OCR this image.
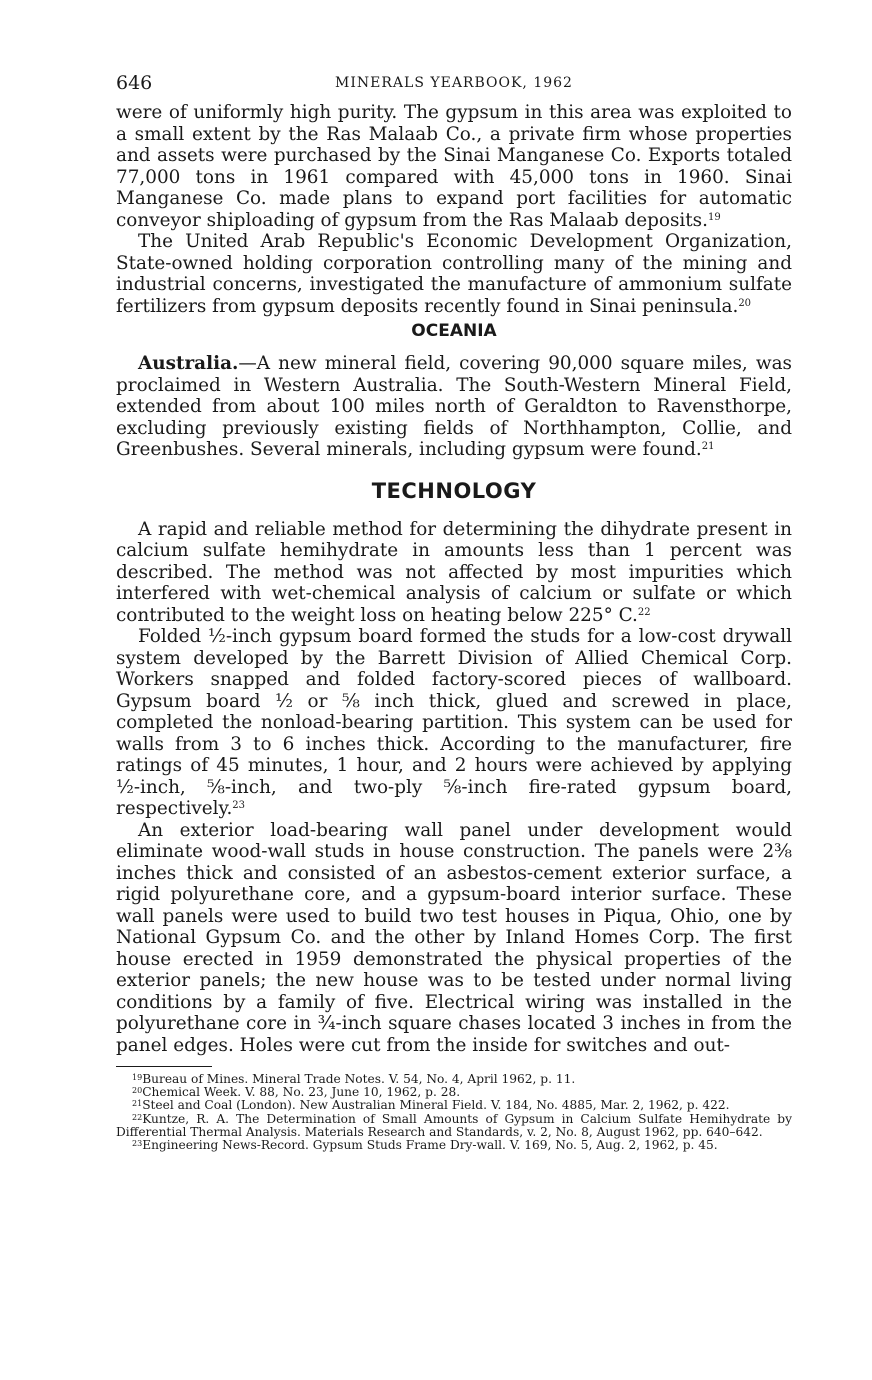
646	MINERALS YEARBOOK, 1962

were of uniformly high purity. The gypsum in this area was exploited to a small extent by the Ras Malaab Co., a private firm whose properties and assets were purchased by the Sinai Manganese Co. Exports totaled 77,000 tons in 1961 compared with 45,000 tons in 1960. Sinai Manganese Co. made plans to expand port facilities for automatic conveyor shiploading of gypsum from the Ras Malaab deposits.$^{19}$

The United Arab Republic's Economic Development Organization, State-owned holding corporation controlling many of the mining and industrial concerns, investigated the manufacture of ammonium sulfate fertilizers from gypsum deposits recently found in Sinai peninsula.$^{20}$

OCEANIA

Australia.—A new mineral field, covering 90,000 square miles, was proclaimed in Western Australia. The South-Western Mineral Field, extended from about 100 miles north of Geraldton to Ravensthorpe, excluding previously existing fields of Northhampton, Collie, and Greenbushes. Several minerals, including gypsum were found.$^{21}$

TECHNOLOGY

A rapid and reliable method for determining the dihydrate present in calcium sulfate hemihydrate in amounts less than 1 percent was described. The method was not affected by most impurities which interfered with wet-chemical analysis of calcium or sulfate or which contributed to the weight loss on heating below 225° C.$^{22}$

Folded ½-inch gypsum board formed the studs for a low-cost drywall system developed by the Barrett Division of Allied Chemical Corp. Workers snapped and folded factory-scored pieces of wallboard. Gypsum board ½ or ⅝ inch thick, glued and screwed in place, completed the nonload-bearing partition. This system can be used for walls from 3 to 6 inches thick. According to the manufacturer, fire ratings of 45 minutes, 1 hour, and 2 hours were achieved by applying ½-inch, ⅝-inch, and two-ply ⅝-inch fire-rated gypsum board, respectively.$^{23}$

An exterior load-bearing wall panel under development would eliminate wood-wall studs in house construction. The panels were 2⅜ inches thick and consisted of an asbestos-cement exterior surface, a rigid polyurethane core, and a gypsum-board interior surface. These wall panels were used to build two test houses in Piqua, Ohio, one by National Gypsum Co. and the other by Inland Homes Corp. The first house erected in 1959 demonstrated the physical properties of the exterior panels; the new house was to be tested under normal living conditions by a family of five. Electrical wiring was installed in the polyurethane core in ¾-inch square chases located 3 inches in from the panel edges. Holes were cut from the inside for switches and out-

$^{19}$Bureau of Mines. Mineral Trade Notes. V. 54, No. 4, April 1962, p. 11.

$^{20}$Chemical Week. V. 88, No. 23, June 10, 1962, p. 28.

$^{21}$Steel and Coal (London). New Australian Mineral Field. V. 184, No. 4885, Mar. 2, 1962, p. 422.

$^{22}$Kuntze, R. A. The Determination of Small Amounts of Gypsum in Calcium Sulfate Hemihydrate by Differential Thermal Analysis. Materials Research and Standards, v. 2, No. 8, August 1962, pp. 640–642.

$^{23}$Engineering News-Record. Gypsum Studs Frame Dry-wall. V. 169, No. 5, Aug. 2, 1962, p. 45.
